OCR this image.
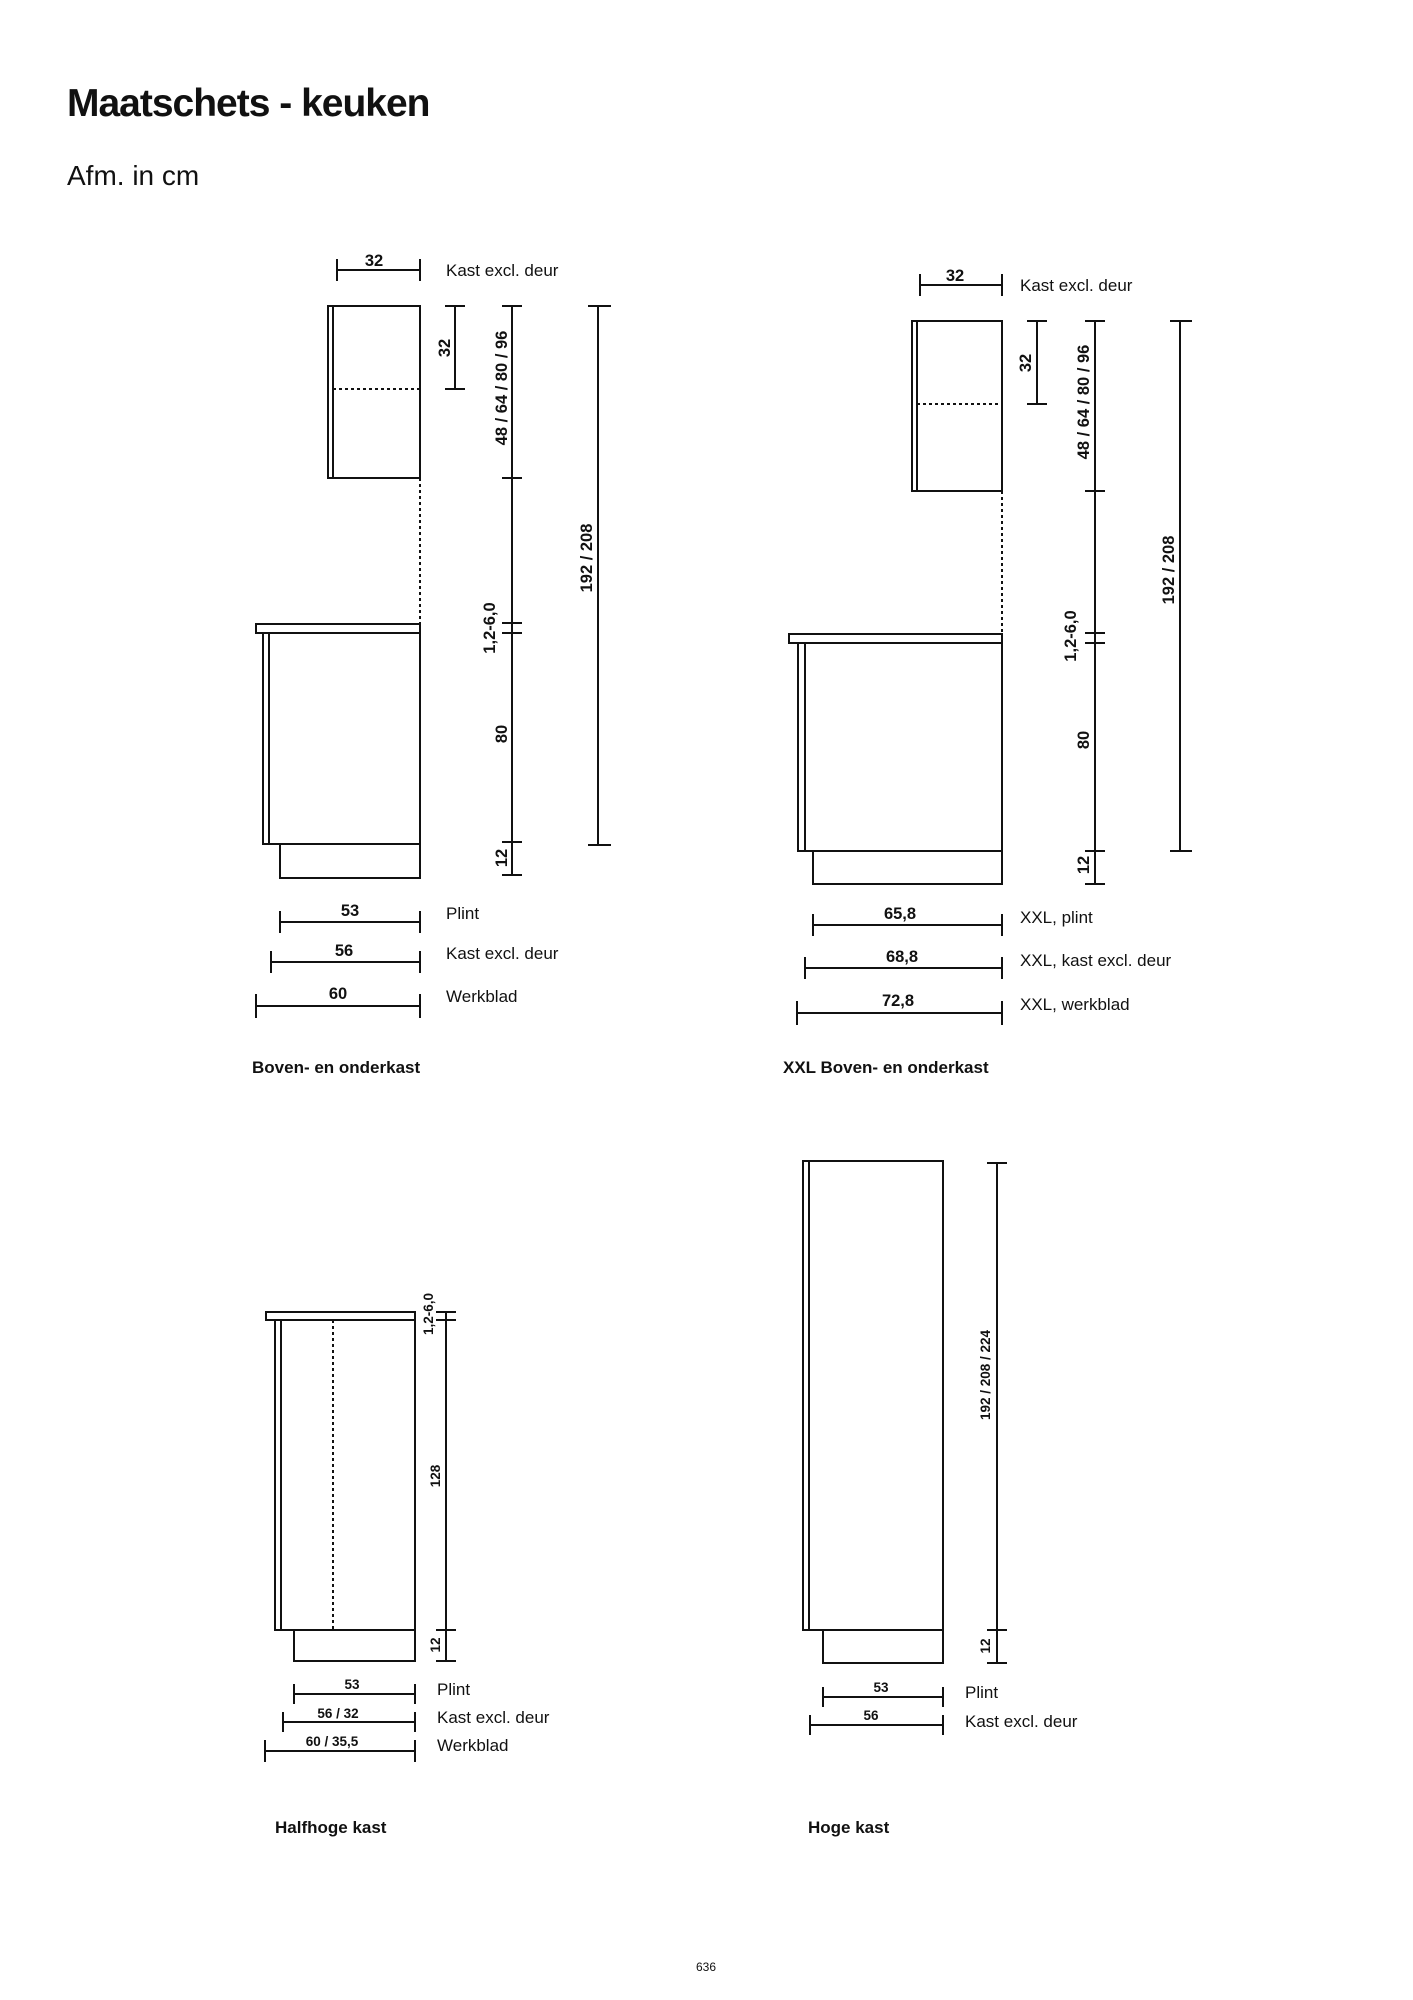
Maatschets - keuken
Afm. in cm
32	Kast excl. deur
32 48 / 64 / 80 / 96
1,2-6,0
80
12
192 / 208
53	Plint
56	Kast excl. deur
60	Werkblad
Boven- en onderkast
32	Kast excl. deur
32 48 / 64 / 80 / 96
1,2-6,0
80
12
192 / 208
65,8	XXL, plint
68,8	XXL, kast excl. deur
72,8	XXL, werkblad
XXL Boven- en onderkast
1,2-6,0
128
12
53	Plint
56 / 32	Kast excl. deur
60 / 35,5	Werkblad
Halfhoge kast
192 / 208 / 224
12
53	Plint
56	Kast excl. deur
Hoge kast
636
